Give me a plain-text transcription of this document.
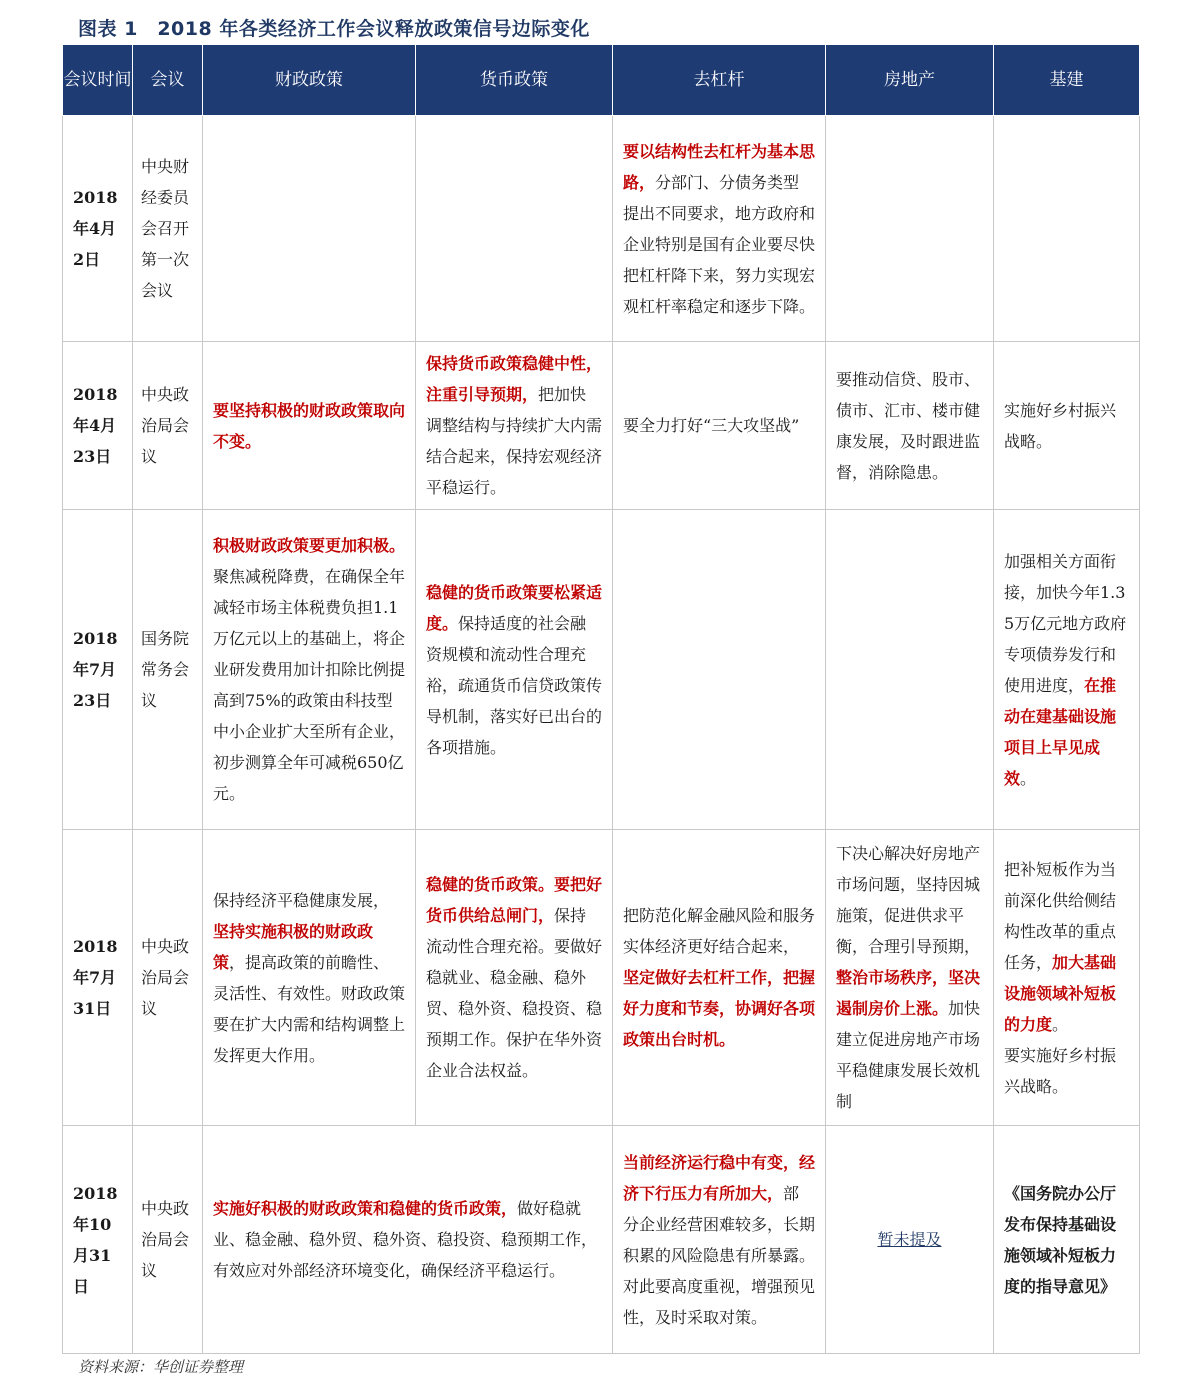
图表 1　2018 年各类经济工作会议释放政策信号边际变化
会议时间	会议	财政政策	货币政策	去杠杆	房地产	基建
2018年4月2日	中央财经委员会召开第一次会议			要以结构性去杠杆为基本思路，分部门、分债务类型提出不同要求，地方政府和企业特别是国有企业要尽快把杠杆降下来，努力实现宏观杠杆率稳定和逐步下降。		
2018年4月23日	中央政治局会议	要坚持积极的财政政策取向不变。	保持货币政策稳健中性，注重引导预期，把加快调整结构与持续扩大内需结合起来，保持宏观经济平稳运行。	要全力打好“三大攻坚战”	要推动信贷、股市、债市、汇市、楼市健康发展，及时跟进监督，消除隐患。	实施好乡村振兴战略。
2018年7月23日	国务院常务会议	积极财政政策要更加积极。聚焦减税降费，在确保全年减轻市场主体税费负担1.1万亿元以上的基础上，将企业研发费用加计扣除比例提高到75%的政策由科技型中小企业扩大至所有企业，初步测算全年可减税650亿元。	稳健的货币政策要松紧适度。保持适度的社会融资规模和流动性合理充裕，疏通货币信贷政策传导机制，落实好已出台的各项措施。			加强相关方面衔接，加快今年1.35万亿元地方政府专项债券发行和使用进度，在推动在建基础设施项目上早见成效。
2018年7月31日	中央政治局会议	保持经济平稳健康发展，坚持实施积极的财政政策，提高政策的前瞻性、灵活性、有效性。财政政策要在扩大内需和结构调整上发挥更大作用。	稳健的货币政策。要把好货币供给总闸门，保持流动性合理充裕。要做好稳就业、稳金融、稳外贸、稳外资、稳投资、稳预期工作。保护在华外资企业合法权益。	把防范化解金融风险和服务实体经济更好结合起来，坚定做好去杠杆工作，把握好力度和节奏，协调好各项政策出台时机。	下决心解决好房地产市场问题，坚持因城施策，促进供求平衡，合理引导预期，整治市场秩序，坚决遏制房价上涨。加快建立促进房地产市场平稳健康发展长效机制	把补短板作为当前深化供给侧结构性改革的重点任务，加大基础设施领域补短板的力度。
要实施好乡村振兴战略。
2018年10月31日	中央政治局会议	实施好积极的财政政策和稳健的货币政策，做好稳就业、稳金融、稳外贸、稳外资、稳投资、稳预期工作，有效应对外部经济环境变化，确保经济平稳运行。		当前经济运行稳中有变，经济下行压力有所加大，部分企业经营困难较多，长期积累的风险隐患有所暴露。对此要高度重视，增强预见性，及时采取对策。	暂未提及	《国务院办公厅发布保持基础设施领域补短板力度的指导意见》
资料来源：华创证券整理
